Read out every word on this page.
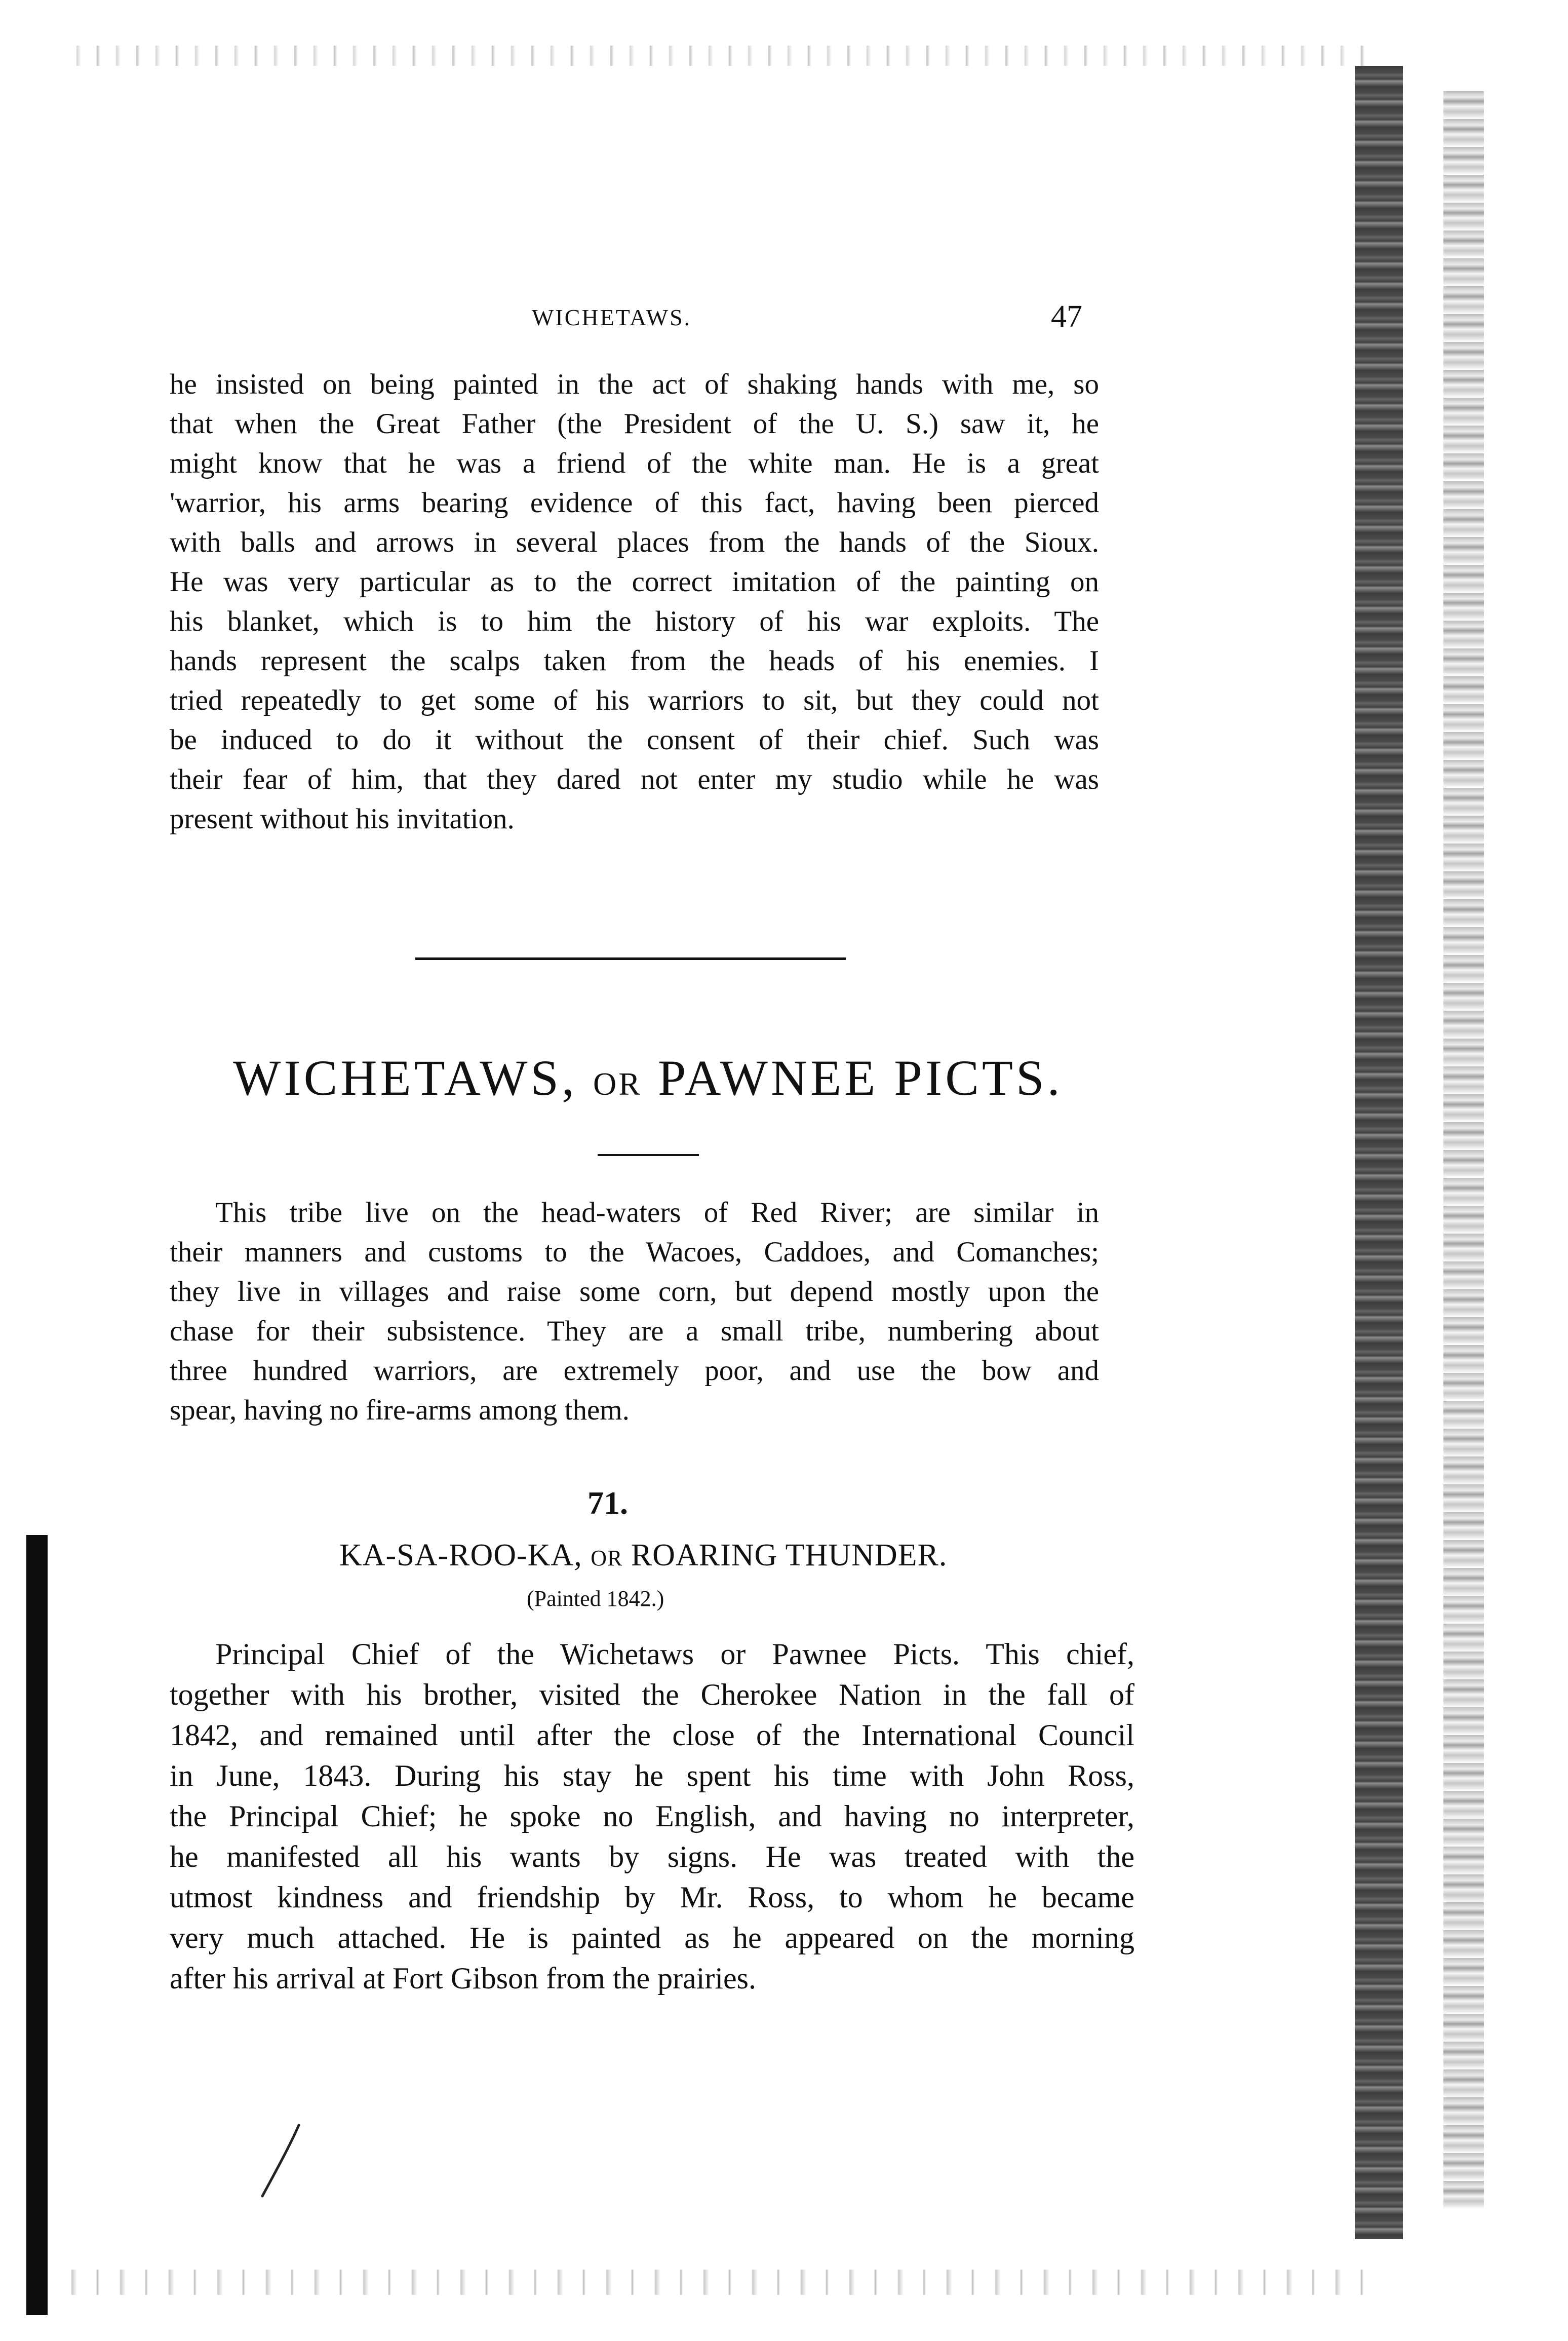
WICHETAWS.	47
he insisted on being painted in the act of shaking hands with me, so
that when the Great Father (the President of the U. S.) saw it, he
might know that he was a friend of the white man. He is a great
'warrior, his arms bearing evidence of this fact, having been pierced
with balls and arrows in several places from the hands of the Sioux.
He was very particular as to the correct imitation of the painting on
his blanket, which is to him the history of his war exploits. The
hands represent the scalps taken from the heads of his enemies. I
tried repeatedly to get some of his warriors to sit, but they could not
be induced to do it without the consent of their chief. Such was
their fear of him, that they dared not enter my studio while he was
present without his invitation.
WICHETAWS, OR PAWNEE PICTS.
This tribe live on the head-waters of Red River; are similar in
their manners and customs to the Wacoes, Caddoes, and Comanches;
they live in villages and raise some corn, but depend mostly upon the
chase for their subsistence. They are a small tribe, numbering about
three hundred warriors, are extremely poor, and use the bow and
spear, having no fire-arms among them.
71.
KA-SA-ROO-KA, OR ROARING THUNDER.
(Painted 1842.)
Principal Chief of the Wichetaws or Pawnee Picts. This chief,
together with his brother, visited the Cherokee Nation in the fall of
1842, and remained until after the close of the International Council
in June, 1843. During his stay he spent his time with John Ross,
the Principal Chief; he spoke no English, and having no interpreter,
he manifested all his wants by signs. He was treated with the
utmost kindness and friendship by Mr. Ross, to whom he became
very much attached. He is painted as he appeared on the morning
after his arrival at Fort Gibson from the prairies.
